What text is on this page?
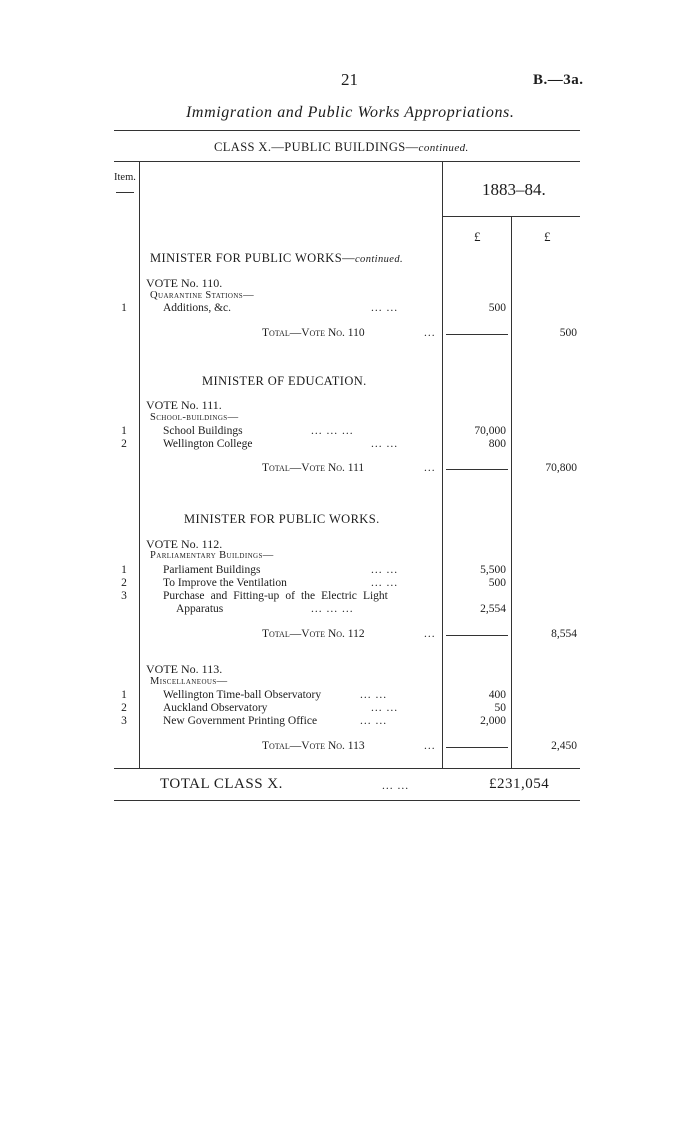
21	B.—3a.
Immigration and Public Works Appropriations.
CLASS X.—PUBLIC BUILDINGS—continued.
Item.
1883–84.
£	£
MINISTER FOR PUBLIC WORKS—continued.
VOTE No. 110.
Quarantine Stations—
1	Additions, &c.	... ...	500
Total—Vote No. 110	...	500
MINISTER OF EDUCATION.
VOTE No. 111.
School-buildings—
1	School Buildings	... ... ...	70,000
2	Wellington College	... ...	800
Total—Vote No. 111	...	70,800
MINISTER FOR PUBLIC WORKS.
VOTE No. 112.
Parliamentary Buildings—
1	Parliament Buildings	... ...	5,500
2	To Improve the Ventilation	... ...	500
3	Purchase and Fitting-up of the Electric Light
Apparatus	... ... ...	2,554
Total—Vote No. 112	...	8,554
VOTE No. 113.
Miscellaneous—
1	Wellington Time-ball Observatory	... ...	400
2	Auckland Observatory	... ...	50
3	New Government Printing Office	... ...	2,000
Total—Vote No. 113	...	2,450
TOTAL CLASS X.	... ...	£231,054
